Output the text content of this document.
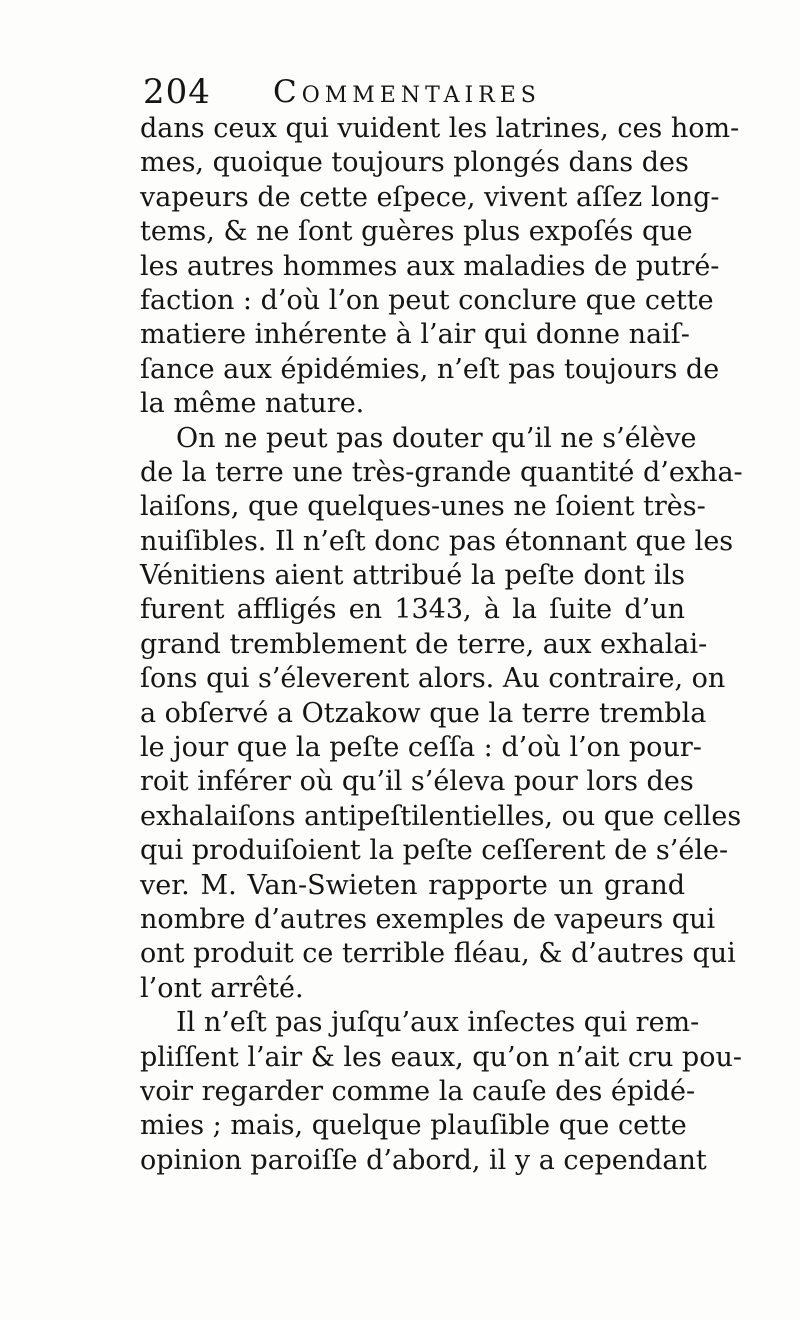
204 Commentaires
dans ceux qui vuident les latrines, ces hom-
mes, quoique toujours plongés dans des
vapeurs de cette eſpece, vivent aſſez long-
tems, & ne ſont guères plus expoſés que
les autres hommes aux maladies de putré-
faction : d’où l’on peut conclure que cette
matiere inhérente à l’air qui donne naiſ-
ſance aux épidémies, n’eſt pas toujours de
la même nature.
On ne peut pas douter qu’il ne s’élève
de la terre une très-grande quantité d’exha-
laiſons, que quelques-unes ne ſoient très-
nuiſibles. Il n’eſt donc pas étonnant que les
Vénitiens aient attribué la peſte dont ils
furent affligés en 1343, à la ſuite d’un
grand tremblement de terre, aux exhalai-
ſons qui s’éleverent alors. Au contraire, on
a obſervé a Otzakow que la terre trembla
le jour que la peſte ceſſa : d’où l’on pour-
roit inférer où qu’il s’éleva pour lors des
exhalaiſons antipeſtilentielles, ou que celles
qui produiſoient la peſte ceſſerent de s’éle-
ver. M. Van-Swieten rapporte un grand
nombre d’autres exemples de vapeurs qui
ont produit ce terrible fléau, & d’autres qui
l’ont arrêté.
Il n’eſt pas juſqu’aux inſectes qui rem-
pliſſent l’air & les eaux, qu’on n’ait cru pou-
voir regarder comme la cauſe des épidé-
mies ; mais, quelque plauſible que cette
opinion paroiſſe d’abord, il y a cependant
